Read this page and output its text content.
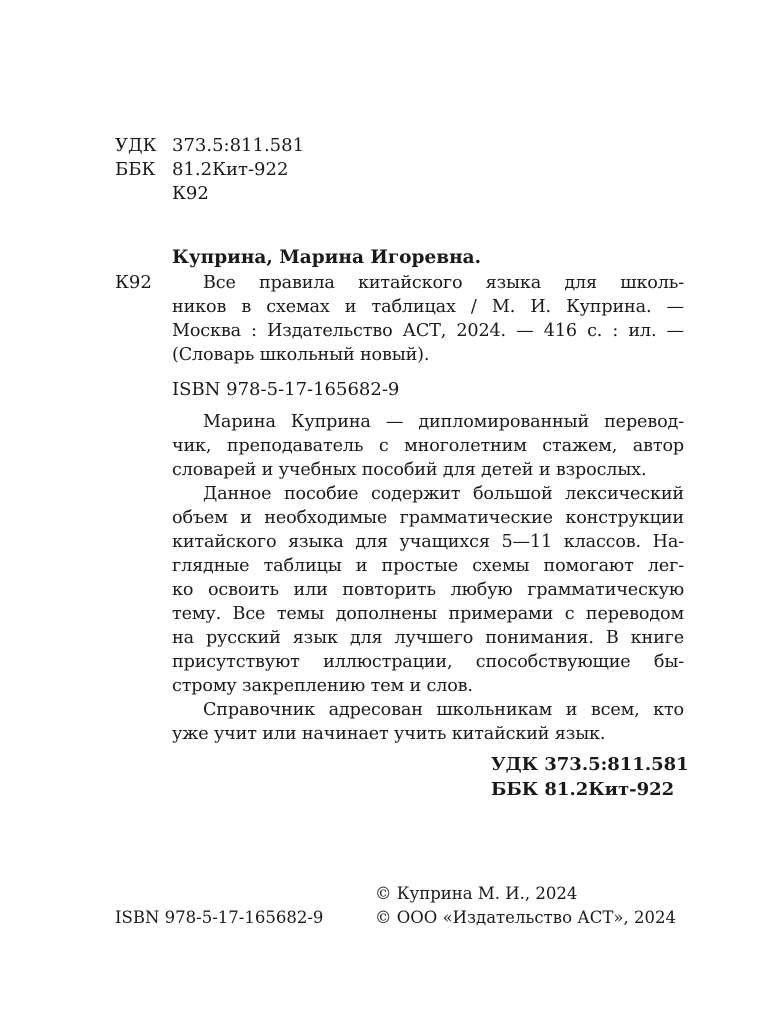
УДК 373.5:811.581
ББК 81.2Кит-922
К92
Куприна, Марина Игоревна.
К92	Все правила китайского языка для школь-
ников в схемах и таблицах / М. И. Куприна. —
Москва : Издательство АСТ, 2024. — 416 с. : ил. —
(Словарь школьный новый).
ISBN 978-5-17-165682-9
Марина Куприна — дипломированный перевод-
чик, преподаватель с многолетним стажем, автор
словарей и учебных пособий для детей и взрослых.
Данное пособие содержит большой лексический
объем и необходимые грамматические конструкции
китайского языка для учащихся 5—11 классов. На-
глядные таблицы и простые схемы помогают лег-
ко освоить или повторить любую грамматическую
тему. Все темы дополнены примерами с переводом
на русский язык для лучшего понимания. В книге
присутствуют иллюстрации, способствующие бы-
строму закреплению тем и слов.
Справочник адресован школьникам и всем, кто
уже учит или начинает учить китайский язык.
УДК 373.5:811.581
ББК 81.2Кит-922
© Куприна М. И., 2024
ISBN 978-5-17-165682-9	© ООО «Издательство АСТ», 2024
